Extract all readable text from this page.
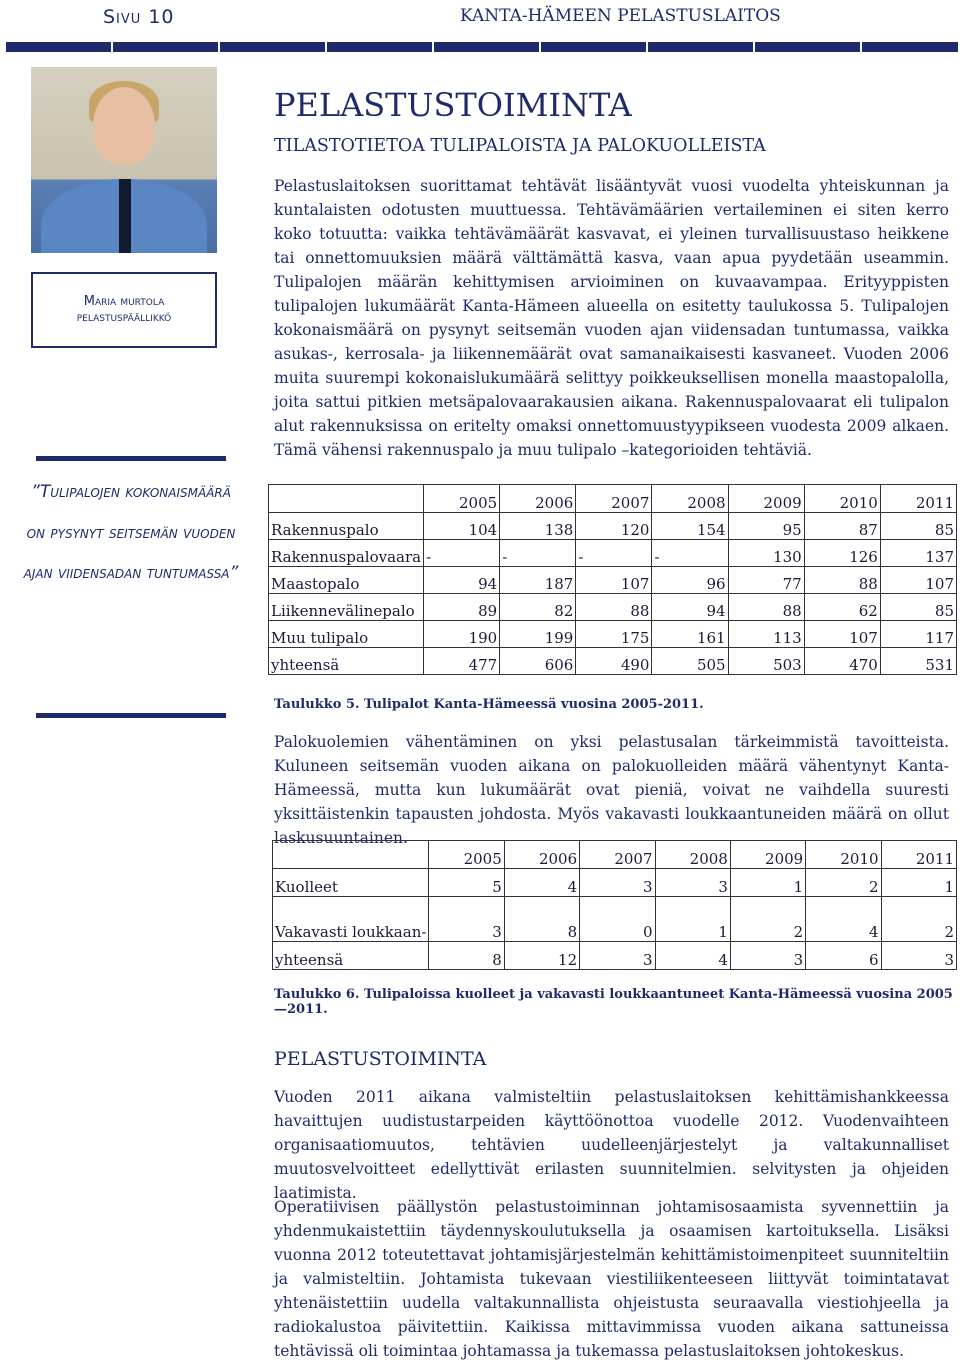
Sivu 10	KANTA-HÄMEEN PELASTUSLAITOS
Maria murtola
pelastuspäällikkö
”Tulipalojen kokonaismäärä on pysynyt seitsemän vuoden ajan viidensadan tuntumassa”
PELASTUSTOIMINTA
TILASTOTIETOA TULIPALOISTA JA PALOKUOLLEISTA

Pelastuslaitoksen suorittamat tehtävät lisääntyvät vuosi vuodelta yhteiskunnan ja kuntalaisten odotusten muuttuessa. Tehtävämäärien vertaileminen ei siten kerro koko totuutta: vaikka tehtävämäärät kasvavat, ei yleinen turvallisuustaso heikkene tai onnettomuuksien määrä välttämättä kasva, vaan apua pyydetään useammin. Tulipalojen määrän kehittymisen arvioiminen on kuvaavampaa. Erityyppisten tulipalojen lukumäärät Kanta-Hämeen alueella on esitetty taulukossa 5. Tulipalojen kokonaismäärä on pysynyt seitsemän vuoden ajan viidensadan tuntumassa, vaikka asukas-, kerrosala- ja liikennemäärät ovat samanaikaisesti kasvaneet. Vuoden 2006 muita suurempi kokonaislukumäärä selittyy poikkeuksellisen monella maastopalolla, joita sattui pitkien metsäpalovaarakausien aikana. Rakennuspalovaarat eli tulipalon alut rakennuksissa on eritelty omaksi onnettomuustyypikseen vuodesta 2009 alkaen. Tämä vähensi rakennuspalo ja muu tulipalo –kategorioiden tehtäviä.

	2005	2006	2007	2008	2009	2010	2011
Rakennuspalo	104	138	120	154	95	87	85
Rakennuspalovaara	-	-	-	-	130	126	137
Maastopalo	94	187	107	96	77	88	107
Liikennevälinepalo	89	82	88	94	88	62	85
Muu tulipalo	190	199	175	161	113	107	117
yhteensä	477	606	490	505	503	470	531
Taulukko 5. Tulipalot Kanta-Hämeessä vuosina 2005-2011.

Palokuolemien vähentäminen on yksi pelastusalan tärkeimmistä tavoitteista. Kuluneen seitsemän vuoden aikana on palokuolleiden määrä vähentynyt Kanta-Hämeessä, mutta kun lukumäärät ovat pieniä, voivat ne vaihdella suuresti yksittäistenkin tapausten johdosta. Myös vakavasti loukkaantuneiden määrä on ollut laskusuuntainen.

	2005	2006	2007	2008	2009	2010	2011
Kuolleet	5	4	3	3	1	2	1
Vakavasti loukkaan-	3	8	0	1	2	4	2
yhteensä	8	12	3	4	3	6	3
Taulukko 6. Tulipaloissa kuolleet ja vakavasti loukkaantuneet Kanta-Hämeessä vuosina 2005 —2011.
PELASTUSTOIMINTA

Vuoden 2011 aikana valmisteltiin pelastuslaitoksen kehittämishankkeessa havaittujen uudistustarpeiden käyttöönottoa vuodelle 2012. Vuodenvaihteen organisaatiomuutos, tehtävien uudelleenjärjestelyt ja valtakunnalliset muutosvelvoitteet edellyttivät erilasten suunnitelmien. selvitysten ja ohjeiden laatimista.

Operatiivisen päällystön pelastustoiminnan johtamisosaamista syvennettiin ja yhdenmukaistettiin täydennyskoulutuksella ja osaamisen kartoituksella. Lisäksi vuonna 2012 toteutettavat johtamisjärjestelmän kehittämistoimenpiteet suunniteltiin ja valmisteltiin. Johtamista tukevaan viestiliikenteeseen liittyvät toimintatavat yhtenäistettiin uudella valtakunnallista ohjeistusta seuraavalla viestiohjeella ja radiokalustoa päivitettiin. Kaikissa mittavimmissa vuoden aikana sattuneissa tehtävissä oli toimintaa johtamassa ja tukemassa pelastuslaitoksen johtokeskus.
